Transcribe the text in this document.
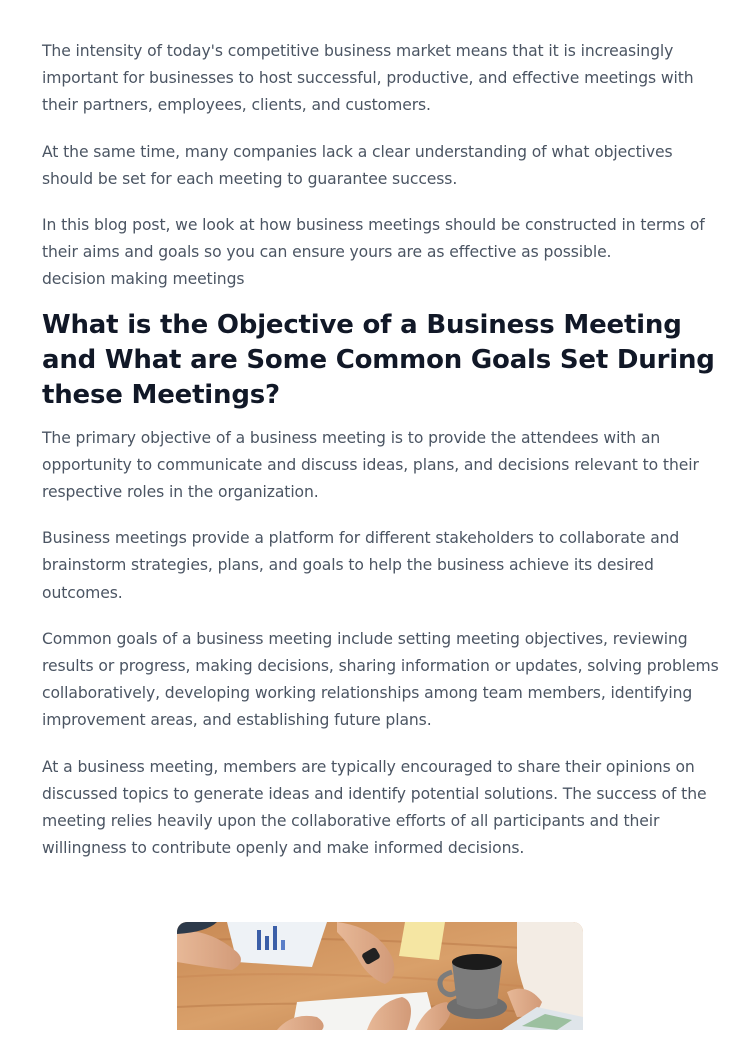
The intensity of today's competitive business market means that it is increasingly important for businesses to host successful, productive, and effective meetings with their partners, employees, clients, and customers.

At the same time, many companies lack a clear understanding of what objectives should be set for each meeting to guarantee success.

In this blog post, we look at how business meetings should be constructed in terms of their aims and goals so you can ensure yours are as effective as possible.
decision making meetings

What is the Objective of a Business Meeting and What are Some Common Goals Set During these Meetings?

The primary objective of a business meeting is to provide the attendees with an opportunity to communicate and discuss ideas, plans, and decisions relevant to their respective roles in the organization.

Business meetings provide a platform for different stakeholders to collaborate and brainstorm strategies, plans, and goals to help the business achieve its desired outcomes.

Common goals of a business meeting include setting meeting objectives, reviewing results or progress, making decisions, sharing information or updates, solving problems collaboratively, developing working relationships among team members, identifying improvement areas, and establishing future plans.

At a business meeting, members are typically encouraged to share their opinions on discussed topics to generate ideas and identify potential solutions. The success of the meeting relies heavily upon the collaborative efforts of all participants and their willingness to contribute openly and make informed decisions.
